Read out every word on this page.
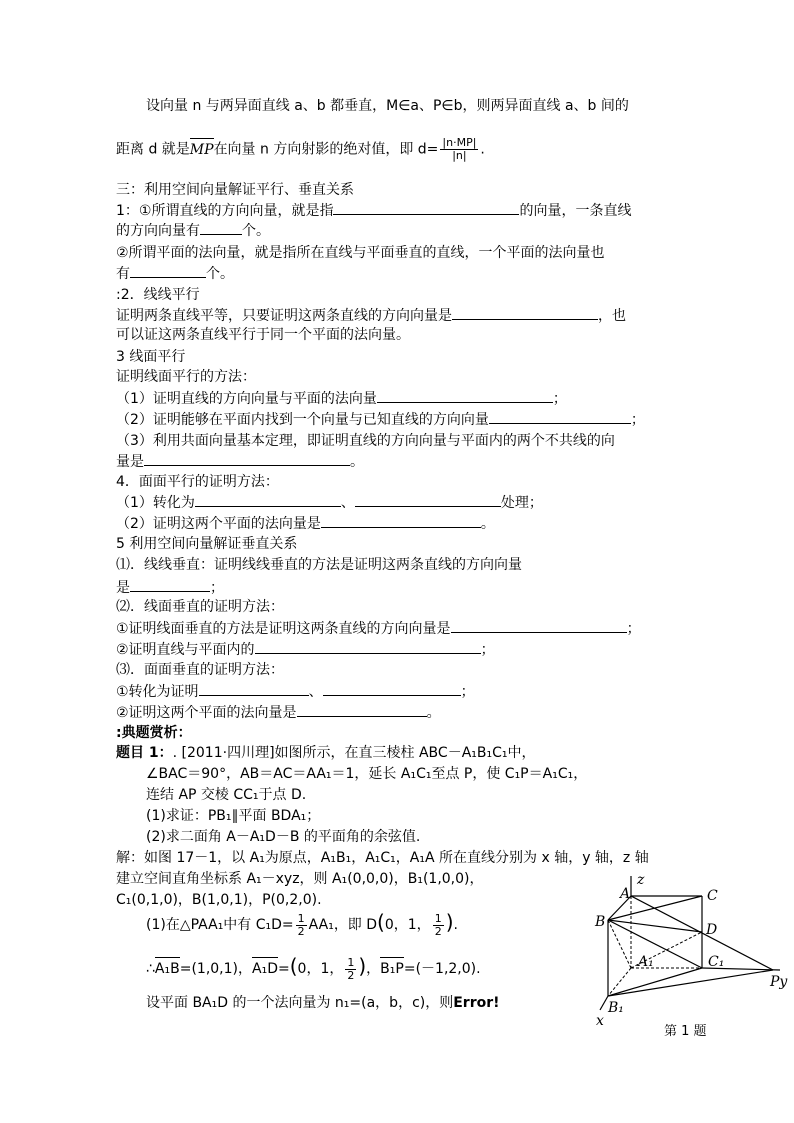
设向量 n 与两异面直线 a、b 都垂直，M∈a、P∈b，则两异面直线 a、b 间的
距离 d 就是MP在向量 n 方向射影的绝对值，即 $d= \frac{|n\cdot MP|}{|n|}$ .
三：利用空间向量解证平行、垂直关系
1：①所谓直线的方向向量，就是指	的向量，一条直线
的方向向量有	个。
②所谓平面的法向量，就是指所在直线与平面垂直的直线，一个平面的法向量也
有	个。
:2．线线平行
证明两条直线平等，只要证明这两条直线的方向向量是	，也
可以证这两条直线平行于同一个平面的法向量。
3 线面平行
证明线面平行的方法：
（1）证明直线的方向向量与平面的法向量	；
（2）证明能够在平面内找到一个向量与已知直线的方向向量	；
（3）利用共面向量基本定理，即证明直线的方向向量与平面内的两个不共线的向
量是	。
4．面面平行的证明方法：
（1）转化为	、	处理；
（2）证明这两个平面的法向量是	。
5 利用空间向量解证垂直关系
⑴．线线垂直：证明线线垂直的方法是证明这两条直线的方向向量
是	；
⑵．线面垂直的证明方法：
①证明线面垂直的方法是证明这两条直线的方向向量是	；
②证明直线与平面内的	；
⑶．面面垂直的证明方法：
①转化为证明	、	；
②证明这两个平面的法向量是	。
:典题赏析：
题目 1：. [2011·四川理]如图所示，在直三棱柱 ABC－A₁B₁C₁中，
∠BAC＝90°，AB＝AC＝AA₁＝1，延长 A₁C₁至点 P，使 C₁P＝A₁C₁，
连结 AP 交棱 CC₁于点 D.
(1)求证：PB₁∥平面 BDA₁；
(2)求二面角 A－A₁D－B 的平面角的余弦值.
解：如图 17－1，以 A₁为原点，A₁B₁，A₁C₁，A₁A 所在直线分别为 x 轴，y 轴，z 轴
建立空间直角坐标系 A₁－xyz，则 A₁(0,0,0)，B₁(1,0,0)，
C₁(0,1,0)，B(1,0,1)，P(0,2,0).
(1)在△PAA₁中有 $C_1D= \frac{1}{2} AA_1$，即 D(0，1， $\frac{1}{2}$ ).
∴A₁B=(1,0,1)，A₁D=(0，1， $\frac{1}{2}$ )，B₁P=(－1,2,0).
设平面 BA₁D 的一个法向量为 n₁=(a，b，c)，则Error!
A
z
C
B	D
A₁	C₁
Py
B₁
x
第 1 题
